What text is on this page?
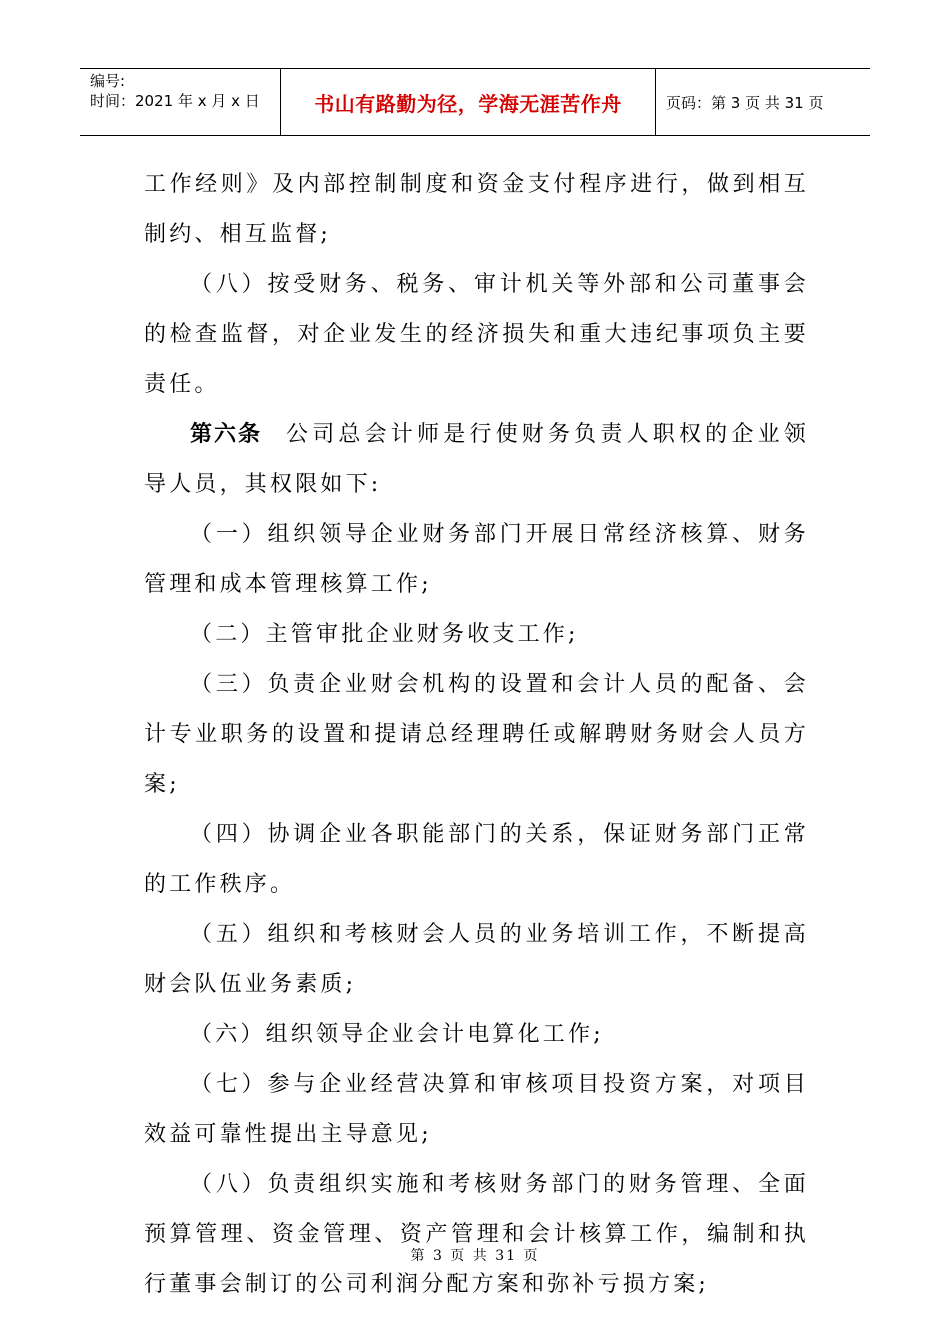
编号:
时间：2021 年 x 月 x 日	书山有路勤为径，学海无涯苦作舟	页码：第 3 页 共 31 页

工作经则》及内部控制制度和资金支付程序进行，做到相互制约、相互监督;

（八）按受财务、税务、审计机关等外部和公司董事会的检查监督，对企业发生的经济损失和重大违纪事项负主要责任。

第六条 公司总会计师是行使财务负责人职权的企业领导人员，其权限如下:

（一）组织领导企业财务部门开展日常经济核算、财务管理和成本管理核算工作;

（二）主管审批企业财务收支工作;

（三）负责企业财会机构的设置和会计人员的配备、会计专业职务的设置和提请总经理聘任或解聘财务财会人员方案;

（四）协调企业各职能部门的关系，保证财务部门正常的工作秩序。

（五）组织和考核财会人员的业务培训工作，不断提高财会队伍业务素质;

（六）组织领导企业会计电算化工作;

（七）参与企业经营决算和审核项目投资方案，对项目效益可靠性提出主导意见;

（八）负责组织实施和考核财务部门的财务管理、全面预算管理、资金管理、资产管理和会计核算工作，编制和执行董事会制订的公司利润分配方案和弥补亏损方案;

第 3 页 共 31 页
